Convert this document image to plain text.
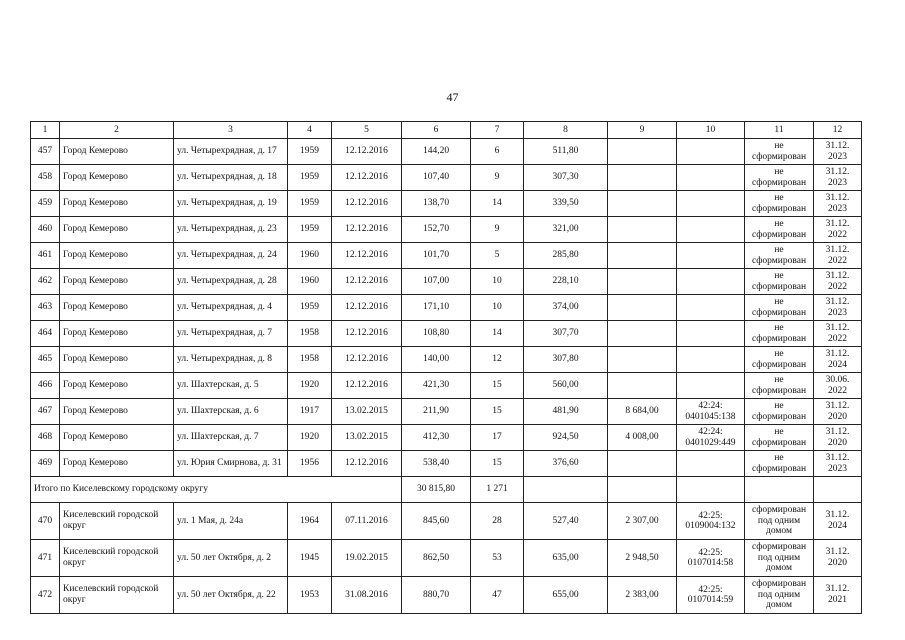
47
1	2	3	4	5	6	7	8	9	10	11	12
457	Город Кемерово	ул. Четырехрядная, д. 17	1959	12.12.2016	144,20	6	511,80			не сформирован	31.12. 2023
458	Город Кемерово	ул. Четырехрядная, д. 18	1959	12.12.2016	107,40	9	307,30			не сформирован	31.12. 2023
459	Город Кемерово	ул. Четырехрядная, д. 19	1959	12.12.2016	138,70	14	339,50			не сформирован	31.12. 2023
460	Город Кемерово	ул. Четырехрядная, д. 23	1959	12.12.2016	152,70	9	321,00			не сформирован	31.12. 2022
461	Город Кемерово	ул. Четырехрядная, д. 24	1960	12.12.2016	101,70	5	285,80			не сформирован	31.12. 2022
462	Город Кемерово	ул. Четырехрядная, д. 28	1960	12.12.2016	107,00	10	228,10			не сформирован	31.12. 2022
463	Город Кемерово	ул. Четырехрядная, д. 4	1959	12.12.2016	171,10	10	374,00			не сформирован	31.12. 2023
464	Город Кемерово	ул. Четырехрядная, д. 7	1958	12.12.2016	108,80	14	307,70			не сформирован	31.12. 2022
465	Город Кемерово	ул. Четырехрядная, д. 8	1958	12.12.2016	140,00	12	307,80			не сформирован	31.12. 2024
466	Город Кемерово	ул. Шахтерская, д. 5	1920	12.12.2016	421,30	15	560,00			не сформирован	30.06. 2022
467	Город Кемерово	ул. Шахтерская, д. 6	1917	13.02.2015	211,90	15	481,90	8 684,00	42:24: 0401045:138	не сформирован	31.12. 2020
468	Город Кемерово	ул. Шахтерская, д. 7	1920	13.02.2015	412,30	17	924,50	4 008,00	42:24: 0401029:449	не сформирован	31.12. 2020
469	Город Кемерово	ул. Юрия Смирнова, д. 31	1956	12.12.2016	538,40	15	376,60			не сформирован	31.12. 2023
Итого по Киселевскому городскому округу					30 815,80	1 271					
470	Киселевский городской округ	ул. 1 Мая, д. 24а	1964	07.11.2016	845,60	28	527,40	2 307,00	42:25: 0109004:132	сформирован под одним домом	31.12. 2024
471	Киселевский городской округ	ул. 50 лет Октября, д. 2	1945	19.02.2015	862,50	53	635,00	2 948,50	42:25: 0107014:58	сформирован под одним домом	31.12. 2020
472	Киселевский городской округ	ул. 50 лет Октября, д. 22	1953	31.08.2016	880,70	47	655,00	2 383,00	42:25: 0107014:59	сформирован под одним домом	31.12. 2021
